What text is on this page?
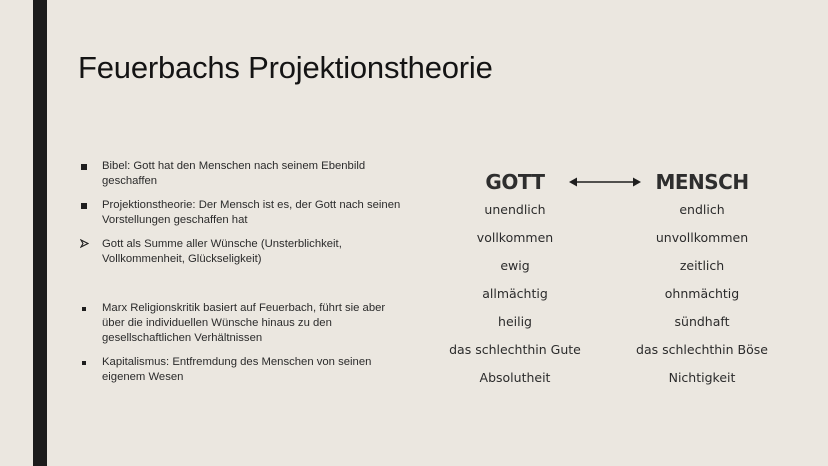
Feuerbachs Projektionstheorie
Bibel: Gott hat den Menschen nach seinem Ebenbild geschaffen
Projektionstheorie: Der Mensch ist es, der Gott nach seinen Vorstellungen geschaffen hat
Gott als Summe aller Wünsche (Unsterblichkeit, Vollkommenheit, Glückseligkeit)
Marx Religionskritik basiert auf Feuerbach, führt sie aber über die individuellen Wünsche hinaus zu den gesellschaftlichen Verhältnissen
Kapitalismus: Entfremdung des Menschen von seinen eigenem Wesen
GOTT
unendlich
vollkommen
ewig
allmächtig
heilig
das schlechthin Gute
Absolutheit
MENSCH
endlich
unvollkommen
zeitlich
ohnmächtig
sündhaft
das schlechthin Böse
Nichtigkeit
